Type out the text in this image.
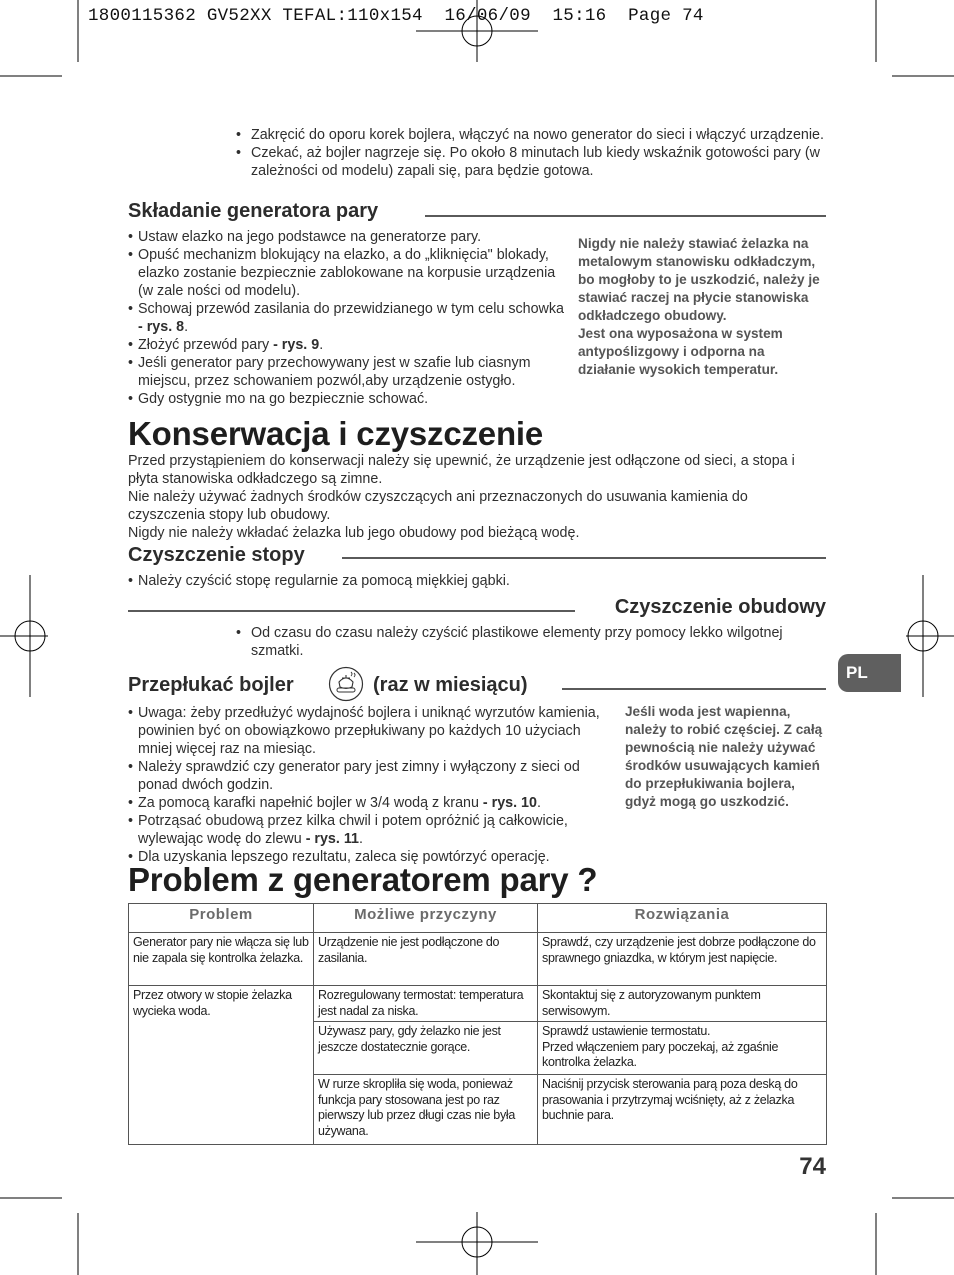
1800115362 GV52XX TEFAL:110x154  16/06/09  15:16  Page 74
• Zakręcić do oporu korek bojlera, włączyć na nowo generator do sieci i włączyć urządzenie.
• Czekać, aż bojler nagrzeje się. Po około 8 minutach lub kiedy wskaźnik gotowości pary (w zależności od modelu) zapali się, para będzie gotowa.
Składanie generatora pary
• Ustaw elazko na jego podstawce na generatorze pary.
• Opuść mechanizm blokujący na elazko, a do „kliknięcia" blokady, elazko zostanie bezpiecznie zablokowane na korpusie urządzenia (w zale ności od modelu).
• Schowaj przewód zasilania do przewidzianego w tym celu schowka - rys. 8.
• Złożyć przewód pary - rys. 9.
• Jeśli generator pary przechowywany jest w szafie lub ciasnym miejscu, przez schowaniem pozwól,aby urządzenie ostygło.
• Gdy ostygnie mo na go bezpiecznie schować.
Nigdy nie należy stawiać żelazka na metalowym stanowisku odkładczym, bo mogłoby to je uszkodzić, należy je stawiać raczej na płycie stanowiska odkładczego obudowy.
Jest ona wyposażona w system antypoślizgowy i odporna na działanie wysokich temperatur.
Konserwacja i czyszczenie
Przed przystąpieniem do konserwacji należy się upewnić, że urządzenie jest odłączone od sieci, a stopa i płyta stanowiska odkładczego są zimne.
Nie należy używać żadnych środków czyszczących ani przeznaczonych do usuwania kamienia do czyszczenia stopy lub obudowy.
Nigdy nie należy wkładać żelazka lub jego obudowy pod bieżącą wodę.
Czyszczenie stopy
• Należy czyścić stopę regularnie za pomocą miękkiej gąbki.
Czyszczenie obudowy
• Od czasu do czasu należy czyścić plastikowe elementy przy pomocy lekko wilgotnej szmatki.
Przepłukać bojler	(raz w miesiącu)
• Uwaga: żeby przedłużyć wydajność bojlera i uniknąć wyrzutów kamienia, powinien być on obowiązkowo przepłukiwany po każdych 10 użyciach mniej więcej raz na miesiąc.
• Należy sprawdzić czy generator pary jest zimny i wyłączony z sieci od ponad dwóch godzin.
• Za pomocą karafki napełnić bojler w 3/4 wodą z kranu - rys. 10.
• Potrząsać obudową przez kilka chwil i potem opróżnić ją całkowicie, wylewając wodę do zlewu - rys. 11.
• Dla uzyskania lepszego rezultatu, zaleca się powtórzyć operację.
Jeśli woda jest wapienna, należy to robić częściej. Z całą pewnością nie należy używać środków usuwających kamień do przepłukiwania bojlera, gdyż mogą go uszkodzić.
Problem z generatorem pary ?
Problem	Możliwe przyczyny	Rozwiązania
Generator pary nie włącza się lub nie zapala się kontrolka żelazka.	Urządzenie nie jest podłączone do zasilania.	Sprawdź, czy urządzenie jest dobrze podłączone do sprawnego gniazdka, w którym jest napięcie.
Przez otwory w stopie żelazka wycieka woda.	Rozregulowany termostat: temperatura jest nadal za niska.	Skontaktuj się z autoryzowanym punktem serwisowym.
	Używasz pary, gdy żelazko nie jest jeszcze dostatecznie gorące.	Sprawdź ustawienie termostatu.
Przed włączeniem pary poczekaj, aż zgaśnie kontrolka żelazka.
	W rurze skropliła się woda, ponieważ funkcja pary stosowana jest po raz pierwszy lub przez długi czas nie była używana.	Naciśnij przycisk sterowania parą poza deską do prasowania i przytrzymaj wciśnięty, aż z żelazka buchnie para.
PL
74
